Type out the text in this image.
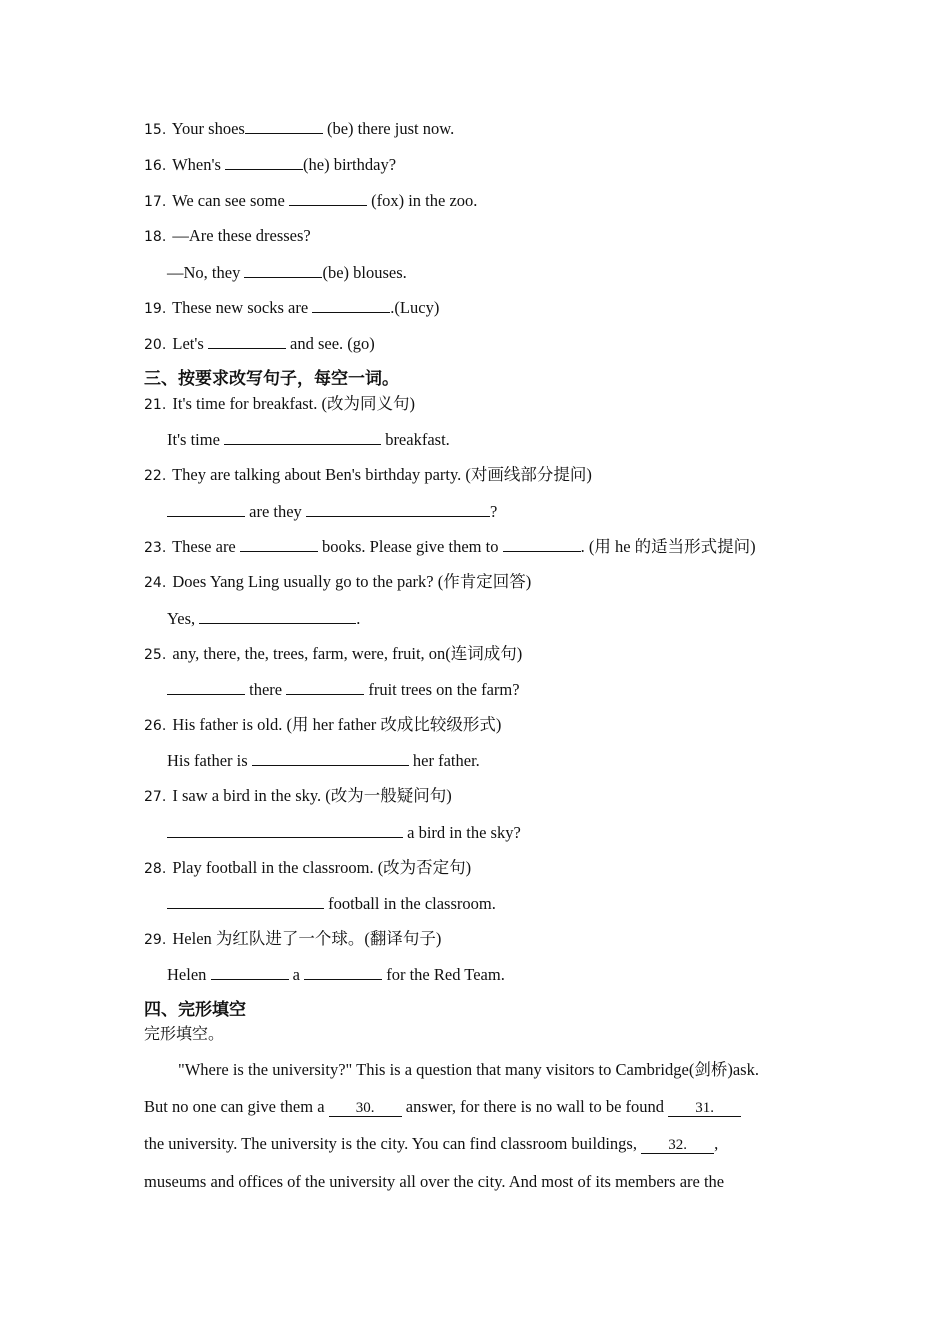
15. Your shoes	(be) there just now.
16. When's	(he) birthday?
17. We can see some	(fox) in the zoo.
18. —Are these dresses?
—No, they	(be) blouses.
19. These new socks are	.(Lucy)
20. Let's	and see. (go)
三、按要求改写句子，每空一词。
21. It's time for breakfast. (改为同义句)
It's time	breakfast.
22. They are talking about Ben's birthday party. (对画线部分提问)
are they	?
23. These are	books. Please give them to	. (用 he 的适当形式提问)
24. Does Yang Ling usually go to the park? (作肯定回答)
Yes,	.
25. any, there, the, trees, farm, were, fruit, on(连词成句)
there	fruit trees on the farm?
26. His father is old. (用 her father 改成比较级形式)
His father is	her father.
27. I saw a bird in the sky. (改为一般疑问句)
a bird in the sky?
28. Play football in the classroom. (改为否定句)
football in the classroom.
29. Helen 为红队进了一个球。(翻译句子)
Helen	a	for the Red Team.
四、完形填空
完形填空。
"Where is the university?" This is a question that many visitors to Cambridge(剑桥)ask.
But no one can give them a 30. answer, for there is no wall to be found 31.
the university. The university is the city. You can find classroom buildings, 32. ,
museums and offices of the university all over the city. And most of its members are the
